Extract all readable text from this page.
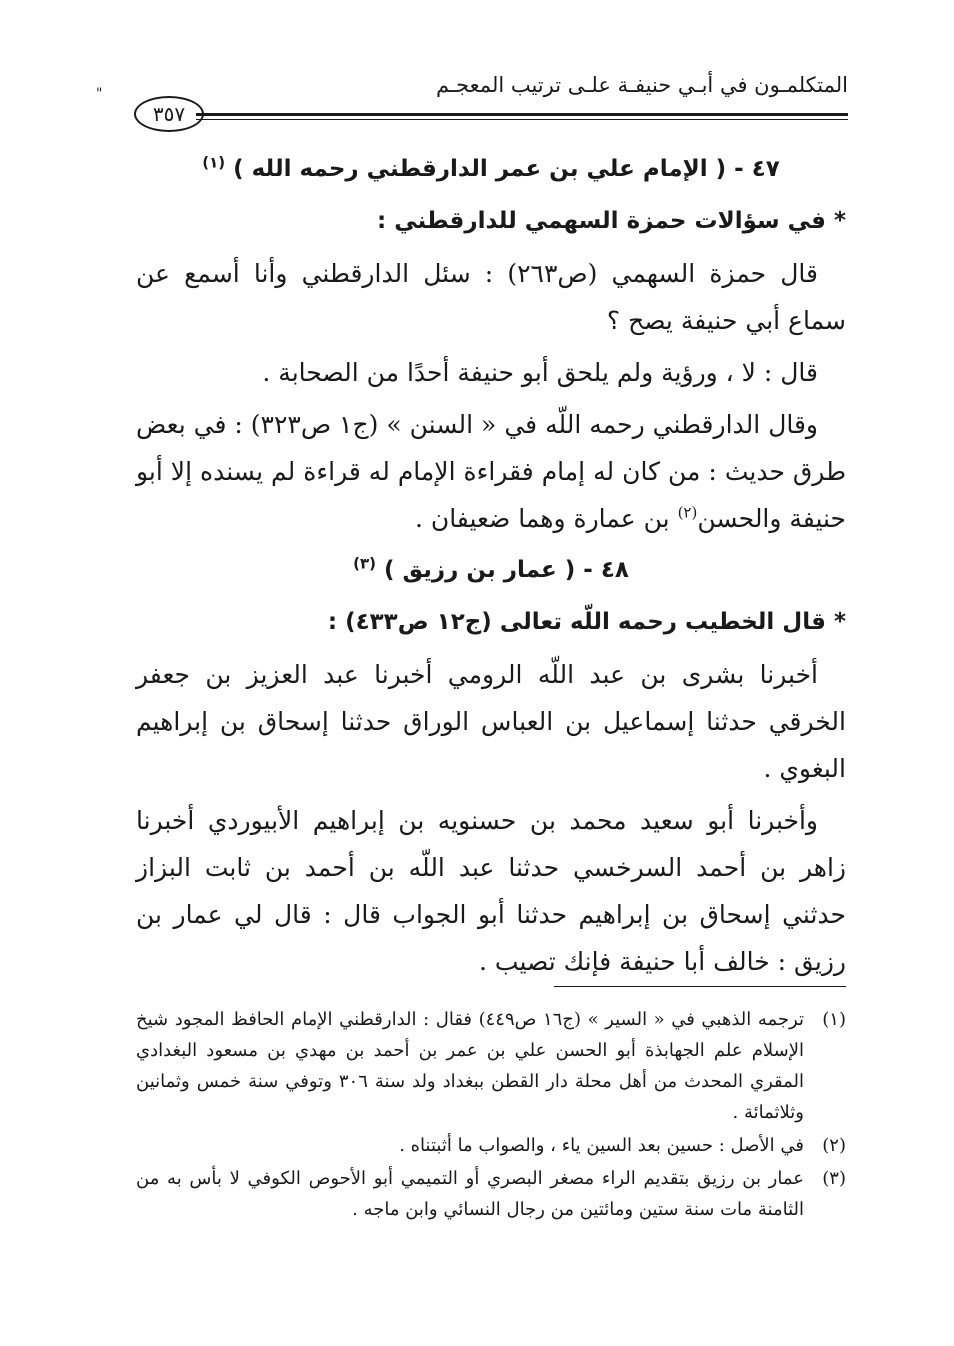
المتكلمـون في أبـي حنيفـة علـى ترتيب المعجـم
"
٣٥٧

٤٧ - ( الإمام علي بن عمر الدارقطني رحمه الله ) $^{(١)}$

* في سؤالات حمزة السهمي للدارقطني :

قال حمزة السهمي (ص٢٦٣) : سئل الدارقطني وأنا أسمع عن سماع أبي حنيفة يصح ؟

قال : لا ، ورؤية ولم يلحق أبو حنيفة أحدًا من الصحابة .

وقال الدارقطني رحمه اللّه في « السنن » (ج١ ص٣٢٣) : في بعض طرق حديث : من كان له إمام فقراءة الإمام له قراءة لم يسنده إلا أبو حنيفة والحسن$^{(٢)}$ بن عمارة وهما ضعيفان .

٤٨ - ( عمار بن رزيق ) $^{(٣)}$

* قال الخطيب رحمه اللّه تعالى (ج١٢ ص٤٣٣) :

أخبرنا بشرى بن عبد اللّه الرومي أخبرنا عبد العزيز بن جعفر الخرقي حدثنا إسماعيل بن العباس الوراق حدثنا إسحاق بن إبراهيم البغوي .

وأخبرنا أبو سعيد محمد بن حسنويه بن إبراهيم الأبيوردي أخبرنا زاهر بن أحمد السرخسي حدثنا عبد اللّه بن أحمد بن ثابت البزاز حدثني إسحاق بن إبراهيم حدثنا أبو الجواب قال : قال لي عمار بن رزيق : خالف أبا حنيفة فإنك تصيب .

(١)
ترجمه الذهبي في « السير » (ج١٦ ص٤٤٩) فقال : الدارقطني الإمام الحافظ المجود شيخ الإسلام علم الجهابذة أبو الحسن علي بن عمر بن أحمد بن مهدي بن مسعود البغدادي المقري المحدث من أهل محلة دار القطن ببغداد ولد سنة ٣٠٦ وتوفي سنة خمس وثمانين وثلاثمائة .
(٢)
في الأصل : حسين بعد السين ياء ، والصواب ما أثبتناه .
(٣)
عمار بن رزيق بتقديم الراء مصغر البصري أو التميمي أبو الأحوص الكوفي لا بأس به من الثامنة مات سنة ستين ومائتين من رجال النسائي وابن ماجه .
